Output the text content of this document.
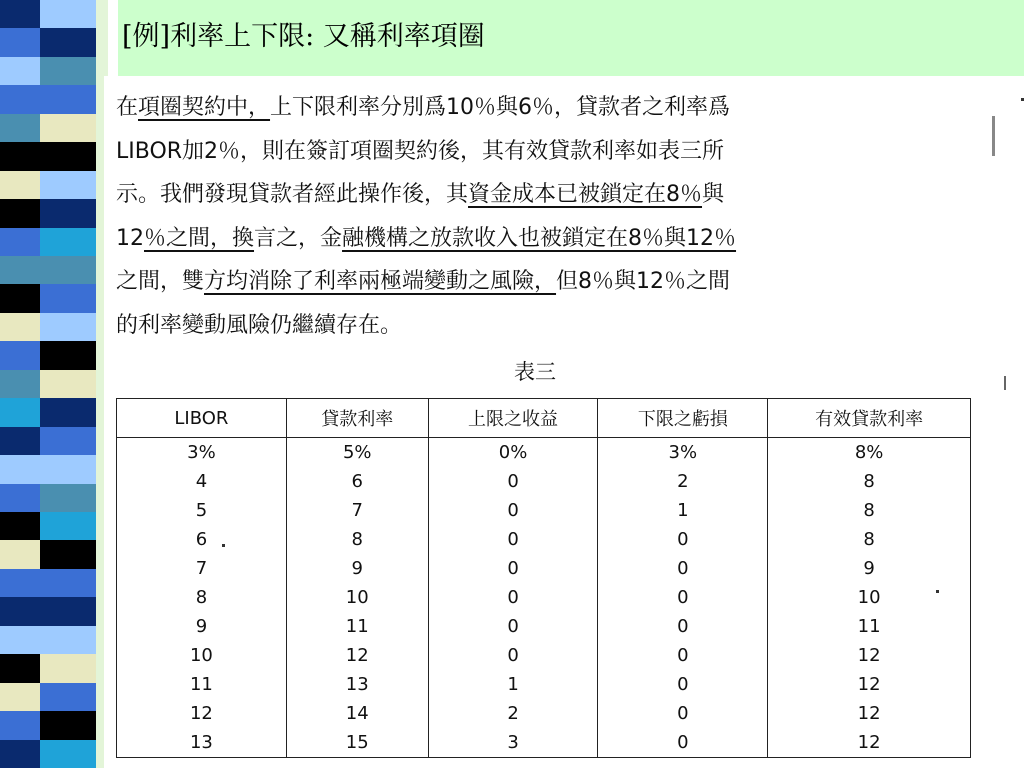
[例]利率上下限: 又稱利率項圈
在項圈契約中，上下限利率分別爲10％與6％，貸款者之利率爲
LIBOR加2％，則在簽訂項圈契約後，其有效貸款利率如表三所
示。我們發現貸款者經此操作後，其資金成本已被鎖定在8％與
12％之間，換言之，金融機構之放款收入也被鎖定在8％與12％
之間，雙方均消除了利率兩極端變動之風險，但8％與12％之間
的利率變動風險仍繼續存在。
表三
LIBOR	貸款利率	上限之收益	下限之虧損	有效貸款利率
3%	5%	0%	3%	8%
4	6	0	2	8
5	7	0	1	8
6	8	0	0	8
7	9	0	0	9
8	10	0	0	10
9	11	0	0	11
10	12	0	0	12
11	13	1	0	12
12	14	2	0	12
13	15	3	0	12
